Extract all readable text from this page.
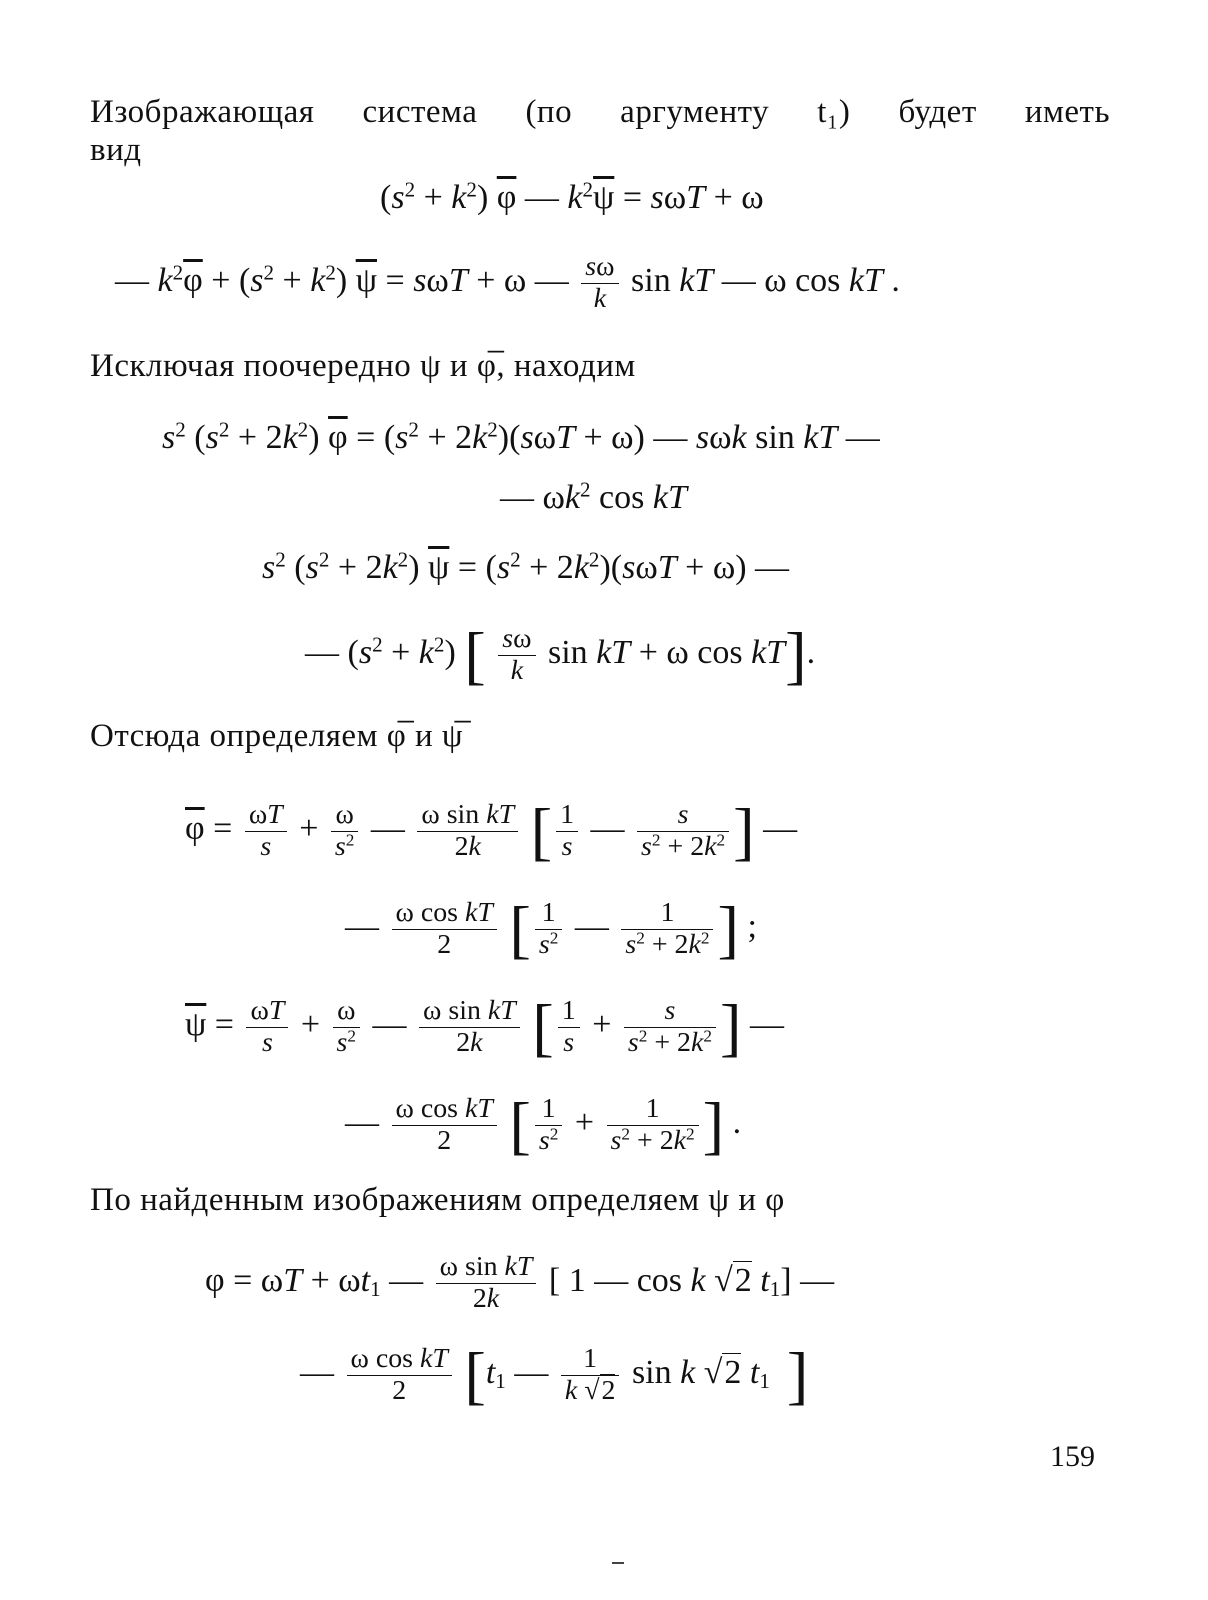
Изображающая система (по аргументу t₁) будет иметь
вид
$(s^2 + k^2)$ $\overline{\varphi}$ — $k^2\overline{\psi} = s\omega T + \omega$
— $k^2\overline{\varphi} + (s^2 + k^2) \overline{\psi} = s\omega T + \omega$ — $\frac{s\omega}{k}$ sin kT — ω cos kT .
Исключая поочередно ψ и φ̅, находим
$s^2$ $(s^2 + 2k^2) \overline{\varphi} = (s^2 + 2k^2)(s\omega T + \omega)$ — sωk sin kT —
— $\omega k^2$ cos kT
$s^2$ $(s^2 + 2k^2) \overline{\psi} = (s^2 + 2k^2)(s\omega T + \omega)$ —
— $(s^2 + k^2)$ [ $\frac{s\omega}{k}$ sin kT + ω cos kT].
Отсюда определяем φ̅ и ψ̅
$\overline{\varphi} = \frac{\omega T}{s} + \frac{\omega}{s^2}$ — $\frac{\text{ω sin kT}}{2k}$ [ $\frac{1}{s}$ — $\frac{s}{s^2 + 2k^2}$ ] —
— $\frac{\text{ω cos kT}}{2}$ [ $\frac{1}{s^2}$ — $\frac{1}{s^2 + 2k^2}$ ] ;
$\overline{\psi} = \frac{\omega T}{s} + \frac{\omega}{s^2}$ — $\frac{\text{ω sin kT}}{2k}$ [ $\frac{1}{s} + \frac{s}{s^2 + 2k^2}$ ] —
— $\frac{\text{ω cos kT}}{2}$ [ $\frac{1}{s^2} + \frac{1}{s^2 + 2k^2}$ ] .
По найденным изображениям определяем ψ и φ
$\varphi = \omega T + \omega t_1$ — $\frac{\text{ω sin kT}}{2k}$ [ 1 — cos k √2 $t_1$] —
— $\frac{\text{ω cos kT}}{2} [t_1$ — $\frac{1}{k √2}$ sin k √2 $t_1$ ]
159
